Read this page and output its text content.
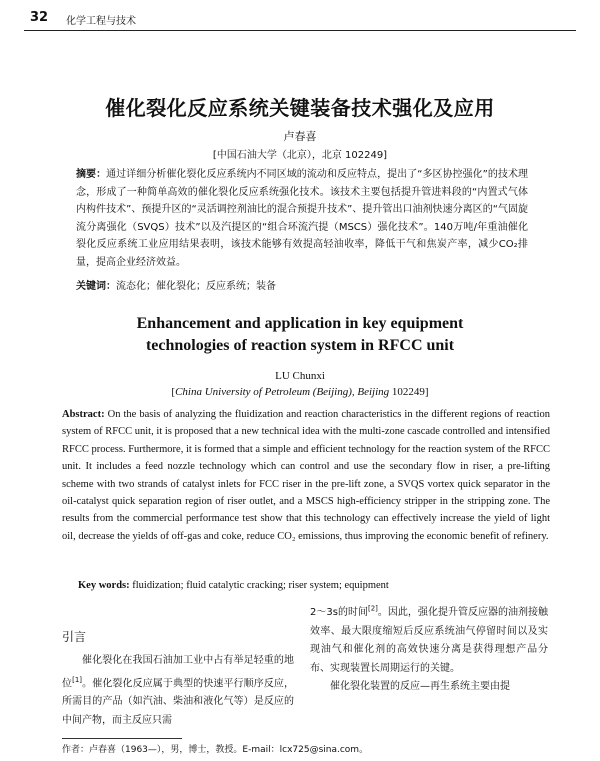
32 化学工程与技术
催化裂化反应系统关键装备技术强化及应用
卢春喜
[中国石油大学（北京），北京 102249]
摘要：通过详细分析催化裂化反应系统内不同区域的流动和反应特点，提出了“多区协控强化”的技术理念，形成了一种简单高效的催化裂化反应系统强化技术。该技术主要包括提升管进料段的“内置式气体内构件技术”、预提升区的“灵活调控剂油比的混合预提升技术”、提升管出口油剂快速分离区的“气固旋流分离强化（SVQS）技术”以及汽提区的“组合环流汽提（MSCS）强化技术”。140万吨/年重油催化裂化反应系统工业应用结果表明，该技术能够有效提高轻油收率，降低干气和焦炭产率，减少CO₂排量，提高企业经济效益。
关键词：流态化；催化裂化；反应系统；装备
Enhancement and application in key equipment
technologies of reaction system in RFCC unit
LU Chunxi
[China University of Petroleum (Beijing), Beijing 102249]
Abstract: On the basis of analyzing the fluidization and reaction characteristics in the different regions of reaction system of RFCC unit, it is proposed that a new technical idea with the multi-zone cascade controlled and intensified RFCC process. Furthermore, it is formed that a simple and efficient technology for the reaction system of the RFCC unit. It includes a feed nozzle technology which can control and use the secondary flow in riser, a pre-lifting scheme with two strands of catalyst inlets for FCC riser in the pre-lift zone, a SVQS vortex quick separator in the oil-catalyst quick separation region of riser outlet, and a MSCS high-efficiency stripper in the stripping zone. The results from the commercial performance test show that this technology can effectively increase the yield of light oil, decrease the yields of off-gas and coke, reduce CO₂ emissions, thus improving the economic benefit of refinery.
Key words: fluidization; fluid catalytic cracking; riser system; equipment
引言
催化裂化在我国石油加工业中占有举足轻重的地位[1]。催化裂化反应属于典型的快速平行顺序反应，所需目的产品（如汽油、柴油和液化气等）是反应的中间产物，而主反应只需
2～3s的时间[2]。因此，强化提升管反应器的油剂接触效率、最大限度缩短后反应系统油气停留时间以及实现油气和催化剂的高效快速分离是获得理想产品分布、实现装置长周期运行的关键。
催化裂化装置的反应—再生系统主要由提
作者：卢春喜（1963—），男，博士，教授。E-mail：lcx725@sina.com。
